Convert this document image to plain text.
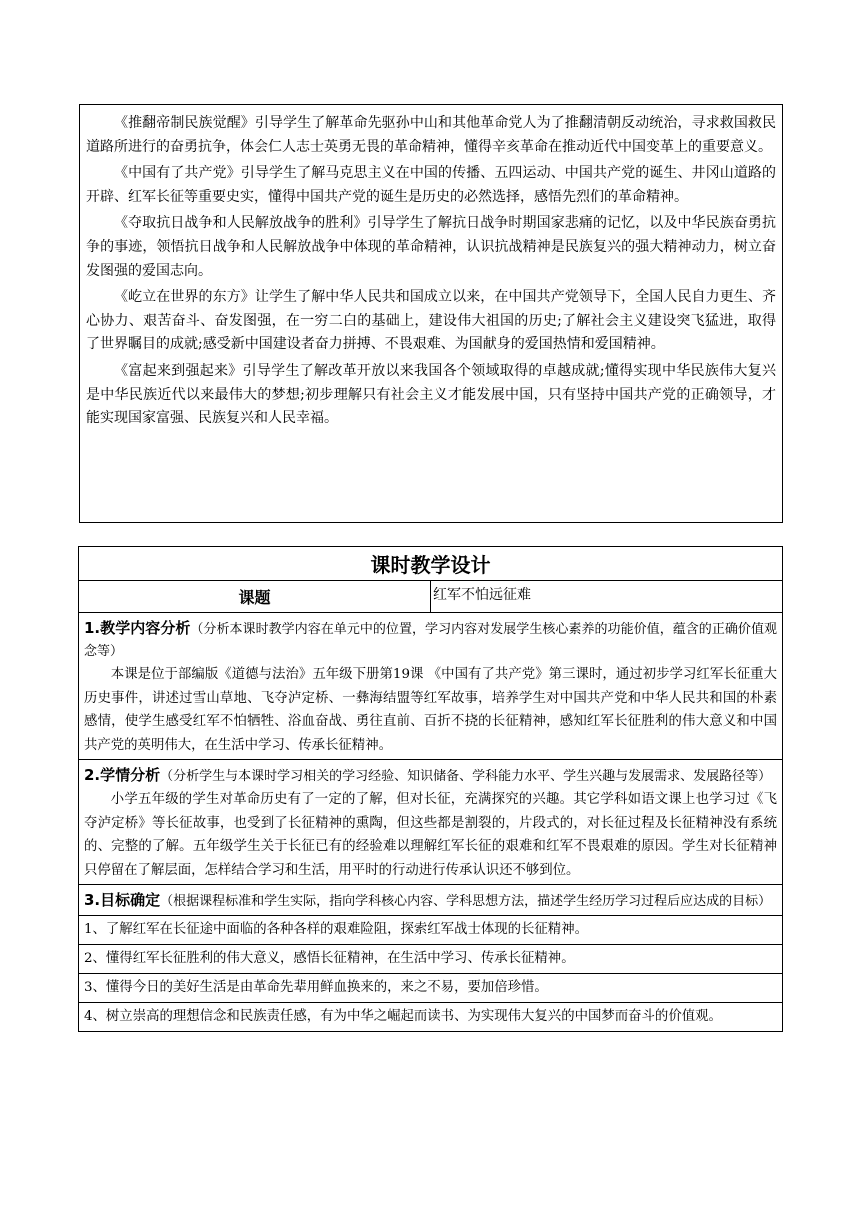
《推翻帝制民族觉醒》引导学生了解革命先驱孙中山和其他革命党人为了推翻清朝反动统治，寻求救国救民道路所进行的奋勇抗争，体会仁人志士英勇无畏的革命精神，懂得辛亥革命在推动近代中国变革上的重要意义。

《中国有了共产党》引导学生了解马克思主义在中国的传播、五四运动、中国共产党的诞生、井冈山道路的开辟、红军长征等重要史实，懂得中国共产党的诞生是历史的必然选择，感悟先烈们的革命精神。

《夺取抗日战争和人民解放战争的胜利》引导学生了解抗日战争时期国家悲痛的记忆，以及中华民族奋勇抗争的事迹，领悟抗日战争和人民解放战争中体现的革命精神，认识抗战精神是民族复兴的强大精神动力，树立奋发图强的爱国志向。

《屹立在世界的东方》让学生了解中华人民共和国成立以来，在中国共产党领导下，全国人民自力更生、齐心协力、艰苦奋斗、奋发图强，在一穷二白的基础上，建设伟大祖国的历史;了解社会主义建设突飞猛进，取得了世界瞩目的成就;感受新中国建设者奋力拼搏、不畏艰难、为国献身的爱国热情和爱国精神。

《富起来到强起来》引导学生了解改革开放以来我国各个领域取得的卓越成就;懂得实现中华民族伟大复兴是中华民族近代以来最伟大的梦想;初步理解只有社会主义才能发展中国，只有坚持中国共产党的正确领导，才能实现国家富强、民族复兴和人民幸福。

课时教学设计
课题	红军不怕远征难

1.教学内容分析（分析本课时教学内容在单元中的位置，学习内容对发展学生核心素养的功能价值，蕴含的正确价值观念等）

本课是位于部编版《道德与法治》五年级下册第19课 《中国有了共产党》第三课时，通过初步学习红军长征重大历史事件，讲述过雪山草地、飞夺泸定桥、一彝海结盟等红军故事，培养学生对中国共产党和中华人民共和国的朴素感情，使学生感受红军不怕牺牲、浴血奋战、勇往直前、百折不挠的长征精神，感知红军长征胜利的伟大意义和中国共产党的英明伟大，在生活中学习、传承长征精神。

2.学情分析（分析学生与本课时学习相关的学习经验、知识储备、学科能力水平、学生兴趣与发展需求、发展路径等）

小学五年级的学生对革命历史有了一定的了解，但对长征，充满探究的兴趣。其它学科如语文课上也学习过《飞夺泸定桥》等长征故事，也受到了长征精神的熏陶，但这些都是割裂的，片段式的，对长征过程及长征精神没有系统的、完整的了解。五年级学生关于长征已有的经验难以理解红军长征的艰难和红军不畏艰难的原因。学生对长征精神只停留在了解层面，怎样结合学习和生活，用平时的行动进行传承认识还不够到位。

3.目标确定（根据课程标准和学生实际，指向学科核心内容、学科思想方法，描述学生经历学习过程后应达成的目标）

1、了解红军在长征途中面临的各种各样的艰难险阻，探索红军战士体现的长征精神。
2、懂得红军长征胜利的伟大意义，感悟长征精神，在生活中学习、传承长征精神。
3、懂得今日的美好生活是由革命先辈用鲜血换来的，来之不易，要加倍珍惜。
4、树立崇高的理想信念和民族责任感，有为中华之崛起而读书、为实现伟大复兴的中国梦而奋斗的价值观。
